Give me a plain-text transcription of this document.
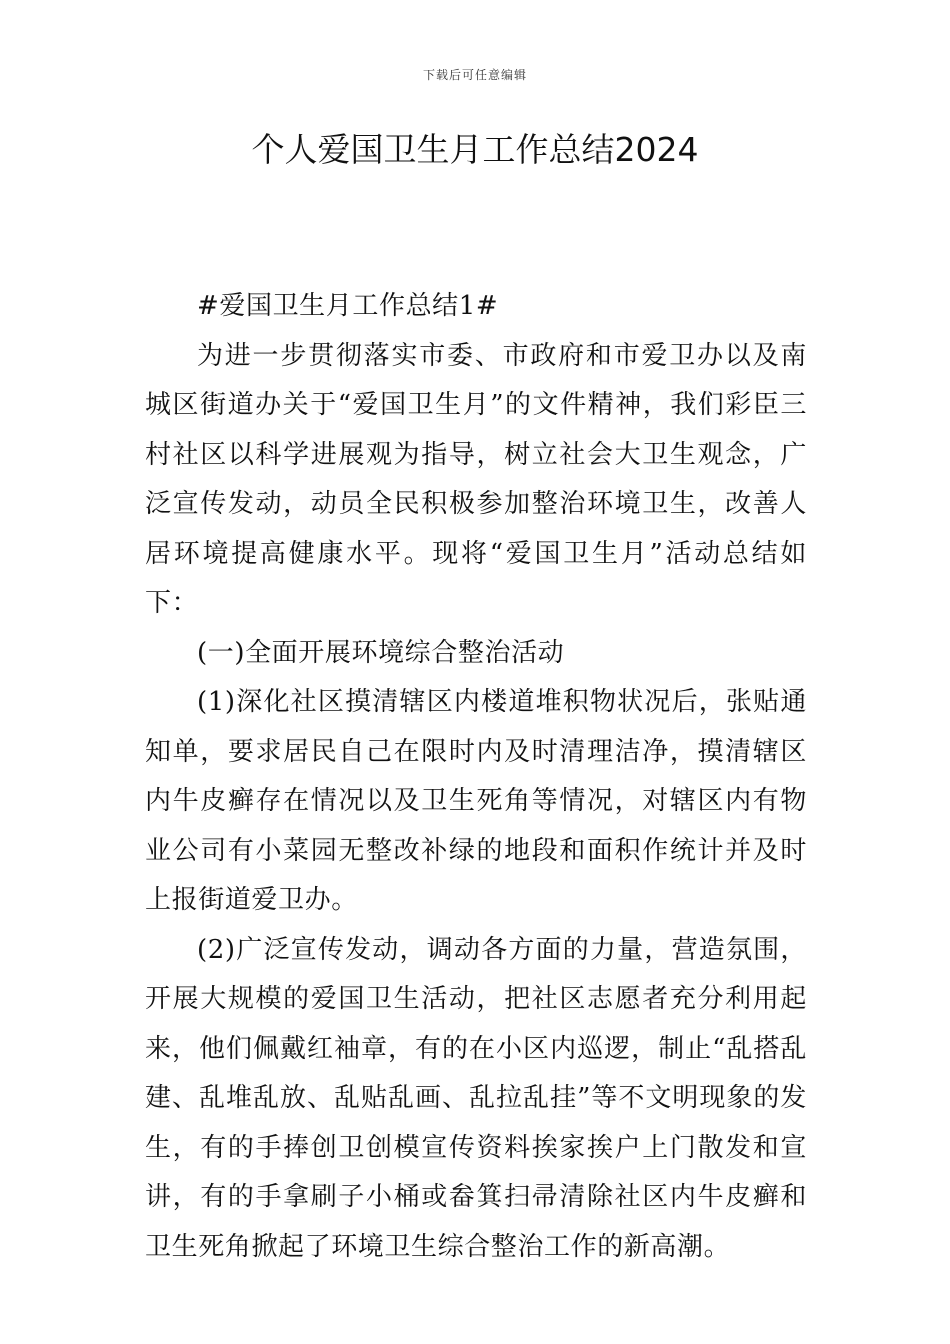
下载后可任意编辑
个人爱国卫生月工作总结2024

#爱国卫生月工作总结1#

为进一步贯彻落实市委、市政府和市爱卫办以及南城区街道办关于“爱国卫生月”的文件精神，我们彩臣三村社区以科学进展观为指导，树立社会大卫生观念，广泛宣传发动，动员全民积极参加整治环境卫生，改善人居环境提高健康水平。现将“爱国卫生月”活动总结如下：

(一)全面开展环境综合整治活动

(1)深化社区摸清辖区内楼道堆积物状况后，张贴通知单，要求居民自己在限时内及时清理洁净，摸清辖区内牛皮癣存在情况以及卫生死角等情况，对辖区内有物业公司有小菜园无整改补绿的地段和面积作统计并及时上报街道爱卫办。

(2)广泛宣传发动，调动各方面的力量，营造氛围，开展大规模的爱国卫生活动，把社区志愿者充分利用起来，他们佩戴红袖章，有的在小区内巡逻，制止“乱搭乱建、乱堆乱放、乱贴乱画、乱拉乱挂”等不文明现象的发生，有的手捧创卫创模宣传资料挨家挨户上门散发和宣讲，有的手拿刷子小桶或畚箕扫帚清除社区内牛皮癣和卫生死角掀起了环境卫生综合整治工作的新高潮。
